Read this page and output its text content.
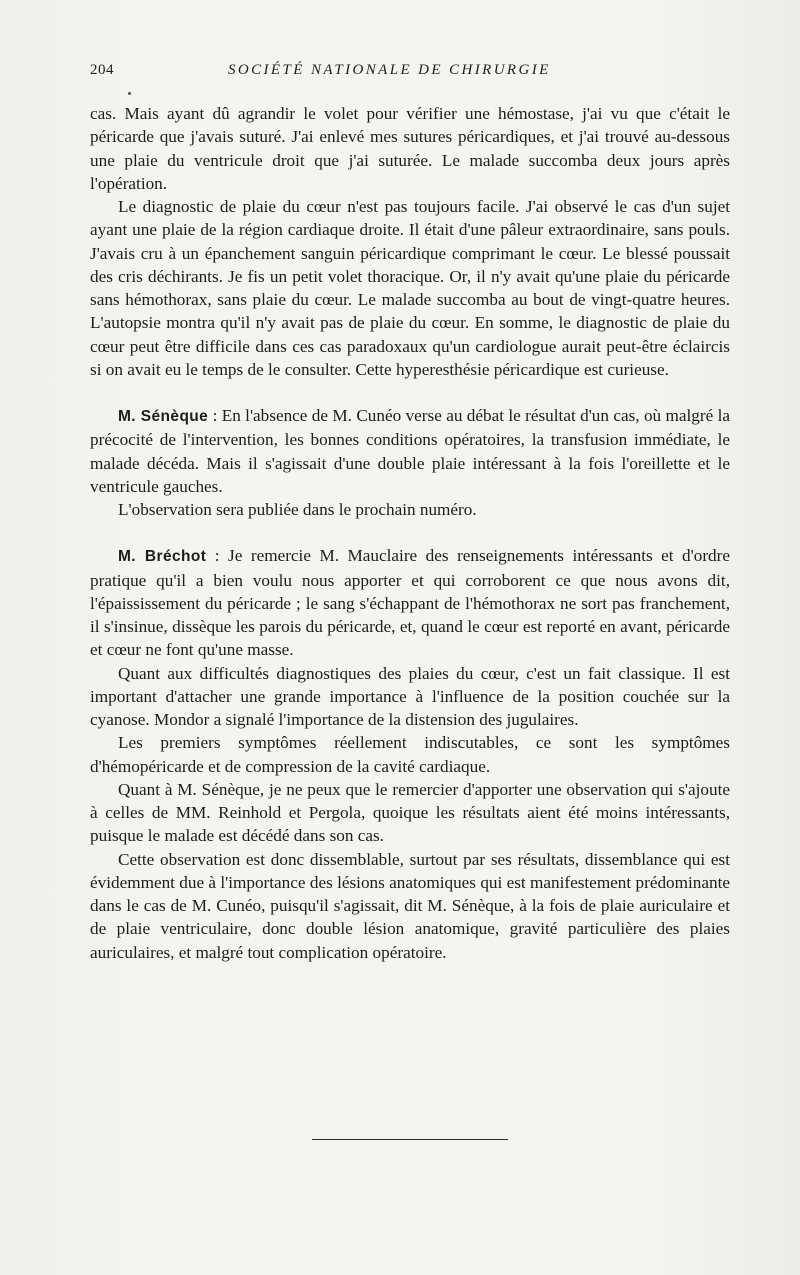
204	SOCIÉTÉ NATIONALE DE CHIRURGIE

cas. Mais ayant dû agrandir le volet pour vérifier une hémostase, j'ai vu que c'était le péricarde que j'avais suturé. J'ai enlevé mes sutures péricardiques, et j'ai trouvé au-dessous une plaie du ventricule droit que j'ai suturée. Le malade succomba deux jours après l'opération.

Le diagnostic de plaie du cœur n'est pas toujours facile. J'ai observé le cas d'un sujet ayant une plaie de la région cardiaque droite. Il était d'une pâleur extraordinaire, sans pouls. J'avais cru à un épanchement sanguin péricardique comprimant le cœur. Le blessé poussait des cris déchirants. Je fis un petit volet thoracique. Or, il n'y avait qu'une plaie du péricarde sans hémothorax, sans plaie du cœur. Le malade succomba au bout de vingt-quatre heures. L'autopsie montra qu'il n'y avait pas de plaie du cœur. En somme, le diagnostic de plaie du cœur peut être difficile dans ces cas paradoxaux qu'un cardiologue aurait peut-être éclaircis si on avait eu le temps de le consulter. Cette hyperesthésie péricardique est curieuse.

M. Sénèque : En l'absence de M. Cunéo verse au débat le résultat d'un cas, où malgré la précocité de l'intervention, les bonnes conditions opératoires, la transfusion immédiate, le malade décéda. Mais il s'agissait d'une double plaie intéressant à la fois l'oreillette et le ventricule gauches.

L'observation sera publiée dans le prochain numéro.

M. Bréchot : Je remercie M. Mauclaire des renseignements intéressants et d'ordre pratique qu'il a bien voulu nous apporter et qui corroborent ce que nous avons dit, l'épaississement du péricarde ; le sang s'échappant de l'hémothorax ne sort pas franchement, il s'insinue, dissèque les parois du péricarde, et, quand le cœur est reporté en avant, péricarde et cœur ne font qu'une masse.

Quant aux difficultés diagnostiques des plaies du cœur, c'est un fait classique. Il est important d'attacher une grande importance à l'influence de la position couchée sur la cyanose. Mondor a signalé l'importance de la distension des jugulaires.

Les premiers symptômes réellement indiscutables, ce sont les symptômes d'hémopéricarde et de compression de la cavité cardiaque.

Quant à M. Sénèque, je ne peux que le remercier d'apporter une observation qui s'ajoute à celles de MM. Reinhold et Pergola, quoique les résultats aient été moins intéressants, puisque le malade est décédé dans son cas.

Cette observation est donc dissemblable, surtout par ses résultats, dissemblance qui est évidemment due à l'importance des lésions anatomiques qui est manifestement prédominante dans le cas de M. Cunéo, puisqu'il s'agissait, dit M. Sénèque, à la fois de plaie auriculaire et de plaie ventriculaire, donc double lésion anatomique, gravité particulière des plaies auriculaires, et malgré tout complication opératoire.
